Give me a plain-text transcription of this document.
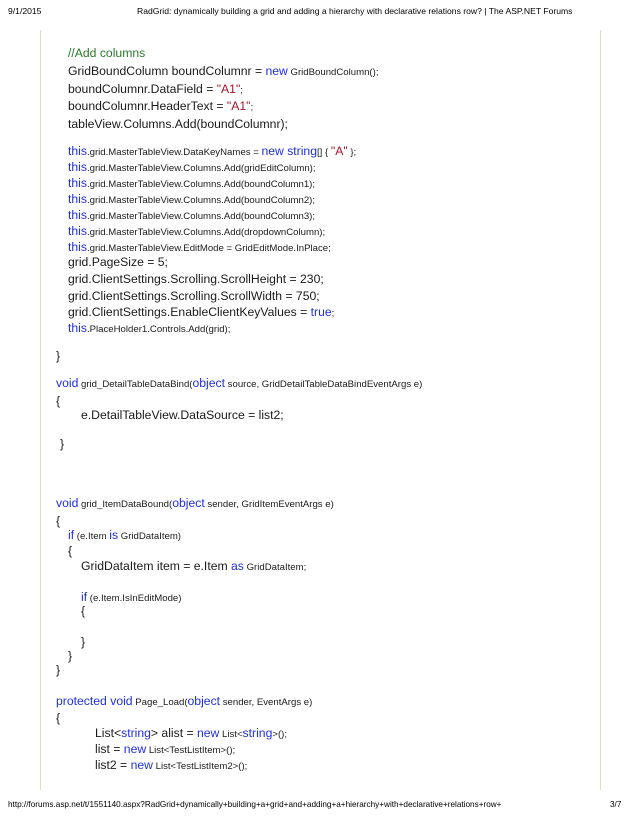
9/1/2015	RadGrid: dynamically building a grid and adding a hierarchy with declarative relations row? | The ASP.NET Forums
//Add columns
GridBoundColumn boundColumnr = new GridBoundColumn();
boundColumnr.DataField = "A1";
boundColumnr.HeaderText = "A1";
tableView.Columns.Add(boundColumnr);
this.grid.MasterTableView.DataKeyNames = new string[] { "A" };
this.grid.MasterTableView.Columns.Add(gridEditColumn);
this.grid.MasterTableView.Columns.Add(boundColumn1);
this.grid.MasterTableView.Columns.Add(boundColumn2);
this.grid.MasterTableView.Columns.Add(boundColumn3);
this.grid.MasterTableView.Columns.Add(dropdownColumn);
this.grid.MasterTableView.EditMode = GridEditMode.InPlace;
grid.PageSize = 5;
grid.ClientSettings.Scrolling.ScrollHeight = 230;
grid.ClientSettings.Scrolling.ScrollWidth = 750;
grid.ClientSettings.EnableClientKeyValues = true;
this.PlaceHolder1.Controls.Add(grid);
}
void grid_DetailTableDataBind(object source, GridDetailTableDataBindEventArgs e)
{
e.DetailTableView.DataSource = list2;
}
void grid_ItemDataBound(object sender, GridItemEventArgs e)
{
if (e.Item is GridDataItem)
{
GridDataItem item = e.Item as GridDataItem;
if (e.Item.IsInEditMode)
{
}
}
}
protected void Page_Load(object sender, EventArgs e)
{
List<string> alist = new List<string>();
list = new List<TestListItem>();
list2 = new List<TestListItem2>();
http://forums.asp.net/t/1551140.aspx?RadGrid+dynamically+building+a+grid+and+adding+a+hierarchy+with+declarative+relations+row+	3/7
